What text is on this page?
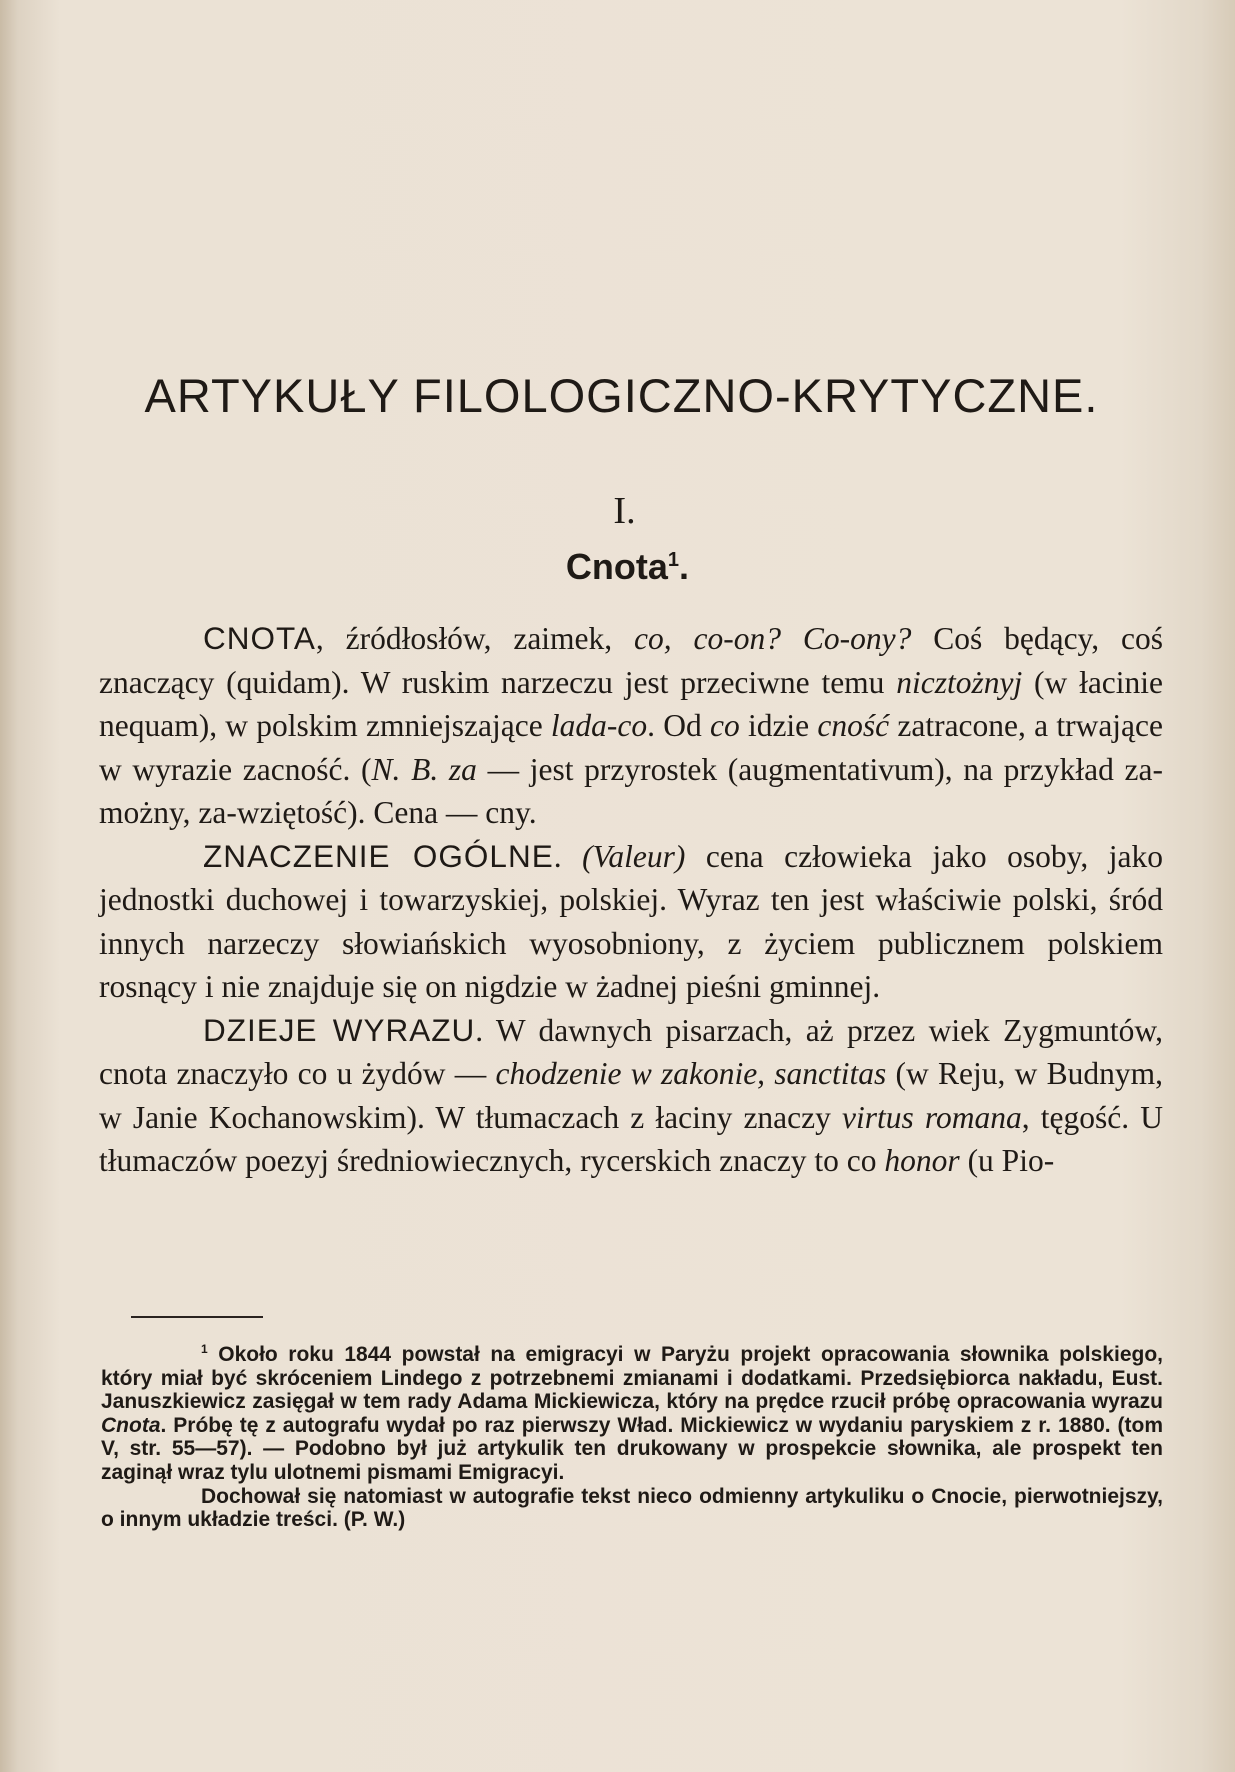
ARTYKUŁY FILOLOGICZNO-KRYTYCZNE.
I.
Cnota$^1$.

CNOTA, źródłosłów, zaimek, co, co-on? Co-ony? Coś będący, coś znaczący (quidam). W ruskim narzeczu jest przeciwne temu nicztożnyj (w łacinie nequam), w polskim zmniejszające lada-co. Od co idzie cność zatracone, a trwające w wyrazie zacność. (N. B. za — jest przyrostek (augmentativum), na przykład za-możny, za-wziętość). Cena — cny.

ZNACZENIE OGÓLNE. (Valeur) cena człowieka jako osoby, jako jednostki duchowej i towarzyskiej, polskiej. Wyraz ten jest właściwie polski, śród innych narzeczy słowiańskich wyosobniony, z życiem publicznem polskiem rosnący i nie znajduje się on nigdzie w żadnej pieśni gminnej.

DZIEJE WYRAZU. W dawnych pisarzach, aż przez wiek Zygmuntów, cnota znaczyło co u żydów — chodzenie w zakonie, sanctitas (w Reju, w Budnym, w Janie Kochanowskim). W tłumaczach z łaciny znaczy virtus romana, tęgość. U tłumaczów poezyj średniowiecznych, rycerskich znaczy to co honor (u Pio-

$^1$ Około roku 1844 powstał na emigracyi w Paryżu projekt opracowania słownika polskiego, który miał być skróceniem Lindego z potrzebnemi zmianami i dodatkami. Przedsiębiorca nakładu, Eust. Januszkiewicz zasięgał w tem rady Adama Mickiewicza, który na prędce rzucił próbę opracowania wyrazu Cnota. Próbę tę z autografu wydał po raz pierwszy Wład. Mickiewicz w wydaniu paryskiem z r. 1880. (tom V, str. 55—57). — Podobno był już artykulik ten drukowany w prospekcie słownika, ale prospekt ten zaginął wraz tylu ulotnemi pismami Emigracyi.

Dochował się natomiast w autografie tekst nieco odmienny artykuliku o Cnocie, pierwotniejszy, o innym układzie treści. (P. W.)
